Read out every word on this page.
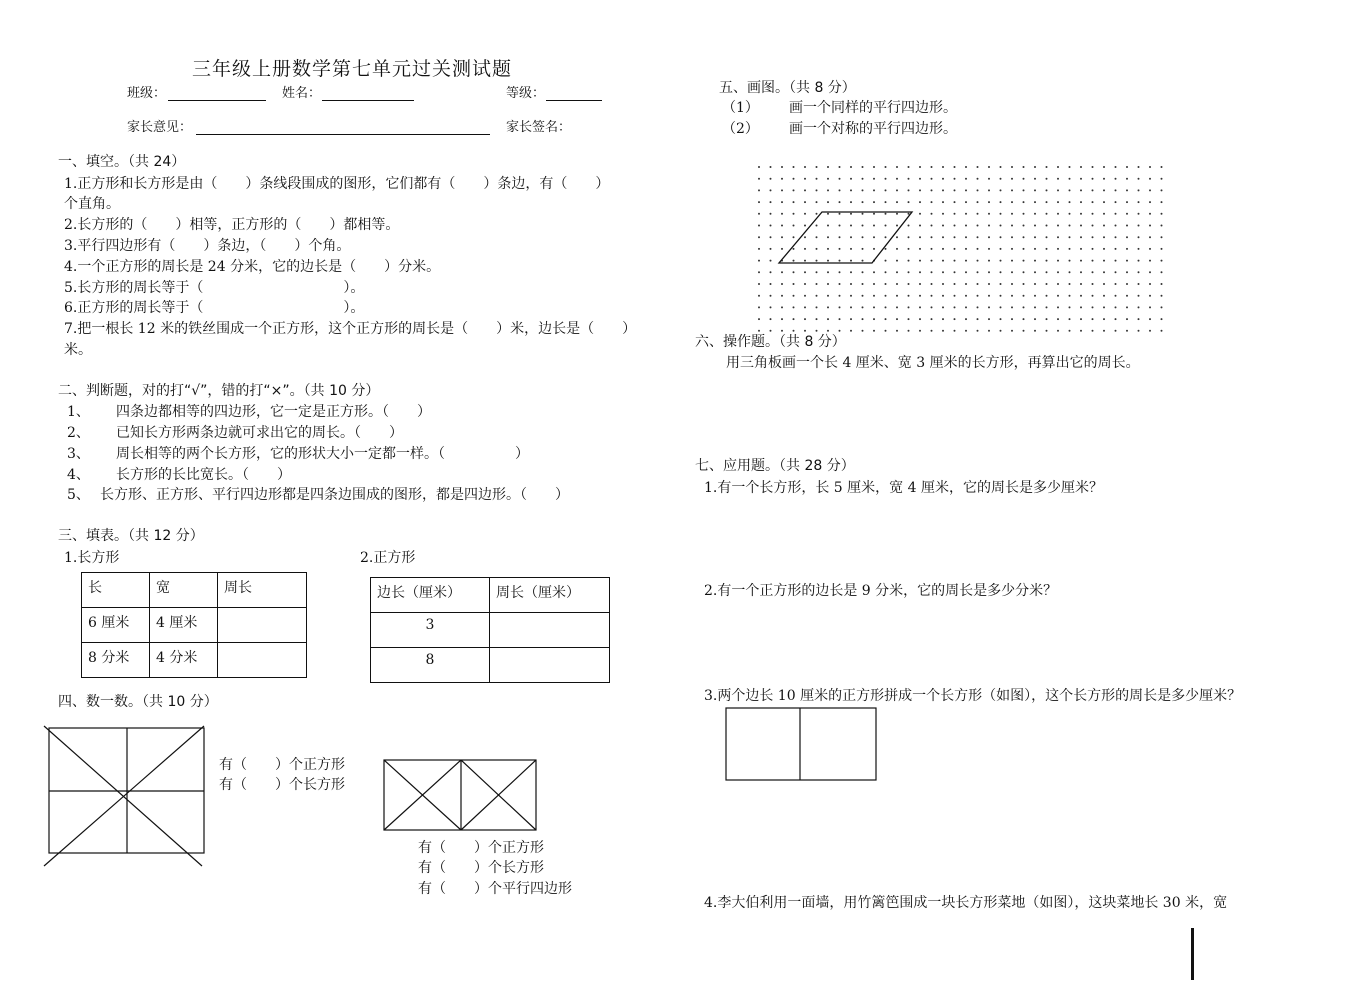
三年级上册数学第七单元过关测试题
班级：	姓名：	等级：
家长意见：	家长签名：
一、填空。（共 24）
1.正方形和长方形是由（　　）条线段围成的图形，它们都有（　　）条边，有（　　）
个直角。
2.长方形的（　　）相等，正方形的（　　）都相等。
3.平行四边形有（　　）条边，（　　）个角。
4.一个正方形的周长是 24 分米，它的边长是（　　）分米。
5.长方形的周长等于（　　　　　　　　　　）。
6.正方形的周长等于（　　　　　　　　　　）。
7.把一根长 12 米的铁丝围成一个正方形，这个正方形的周长是（　　）米，边长是（　　）
米。
二、判断题，对的打“√”，错的打“×”。（共 10 分）
1、 四条边都相等的四边形，它一定是正方形。（　　）
2、 已知长方形两条边就可求出它的周长。（　　）
3、 周长相等的两个长方形，它的形状大小一定都一样。（　　　　　）
4、 长方形的长比宽长。（　　）
5、 长方形、正方形、平行四边形都是四条边围成的图形，都是四边形。（　　）
三、填表。（共 12 分）
1.长方形
长	宽	周长
6 厘米	4 厘米	
8 分米	4 分米	
2.正方形
边长（厘米）	周长（厘米）
3	
8	
四、数一数。（共 10 分）
有（　　）个正方形
有（　　）个长方形
有（　　）个正方形
有（　　）个长方形
有（　　）个平行四边形
五、画图。（共 8 分）
（1） 画一个同样的平行四边形。
（2） 画一个对称的平行四边形。
六、操作题。（共 8 分）
用三角板画一个长 4 厘米、宽 3 厘米的长方形，再算出它的周长。
七、应用题。（共 28 分）
1.有一个长方形，长 5 厘米，宽 4 厘米，它的周长是多少厘米？
2.有一个正方形的边长是 9 分米，它的周长是多少分米？
3.两个边长 10 厘米的正方形拼成一个长方形（如图），这个长方形的周长是多少厘米？
4.李大伯利用一面墙，用竹篱笆围成一块长方形菜地（如图），这块菜地长 30 米，宽
